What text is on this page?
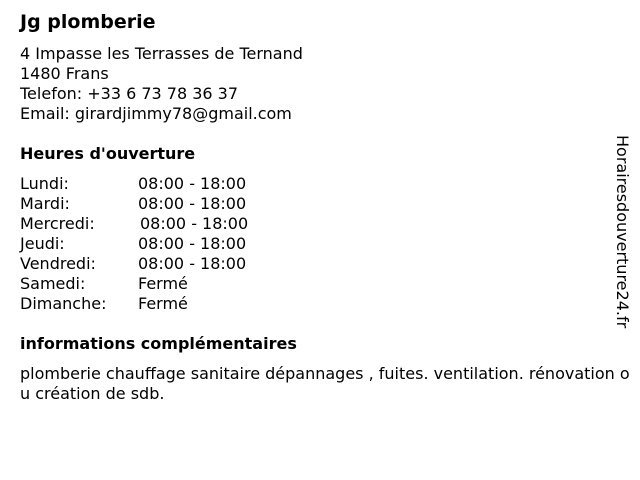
Jg plomberie
4 Impasse les Terrasses de Ternand
1480 Frans
Telefon: +33 6 73 78 36 37
Email: girardjimmy78@gmail.com
Heures d'ouverture
Lundi:	08:00 - 18:00
Mardi:	08:00 - 18:00
Mercredi:	08:00 - 18:00
Jeudi:	08:00 - 18:00
Vendredi:	08:00 - 18:00
Samedi:	Fermé
Dimanche: Fermé
informations complémentaires
plomberie chauffage sanitaire dépannages , fuites. ventilation. rénovation ou création de sdb.
Horairesdouverture24.fr
